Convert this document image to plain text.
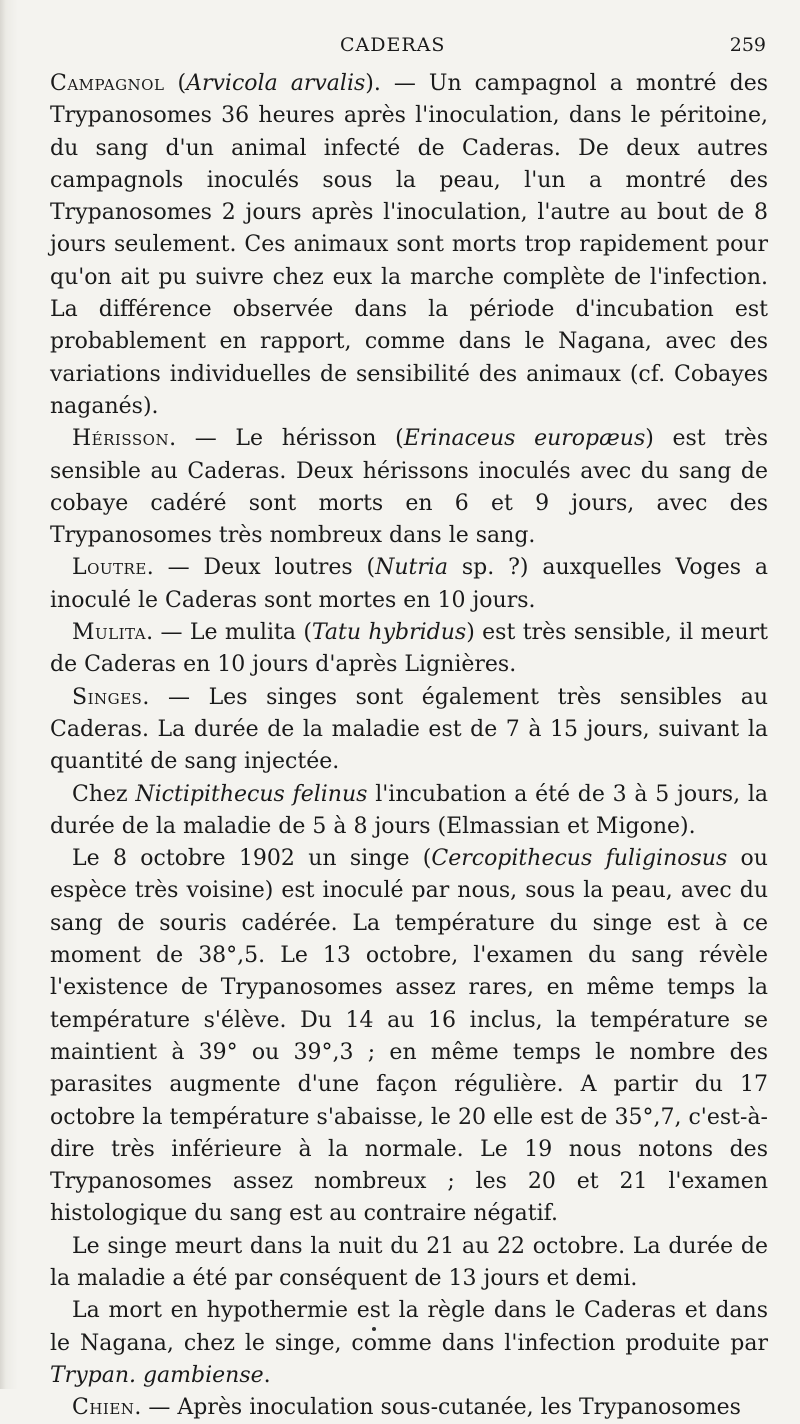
CADERAS	259

Campagnol (Arvicola arvalis). — Un campagnol a montré des Trypanosomes 36 heures après l'inoculation, dans le péritoine, du sang d'un animal infecté de Caderas. De deux autres campagnols inoculés sous la peau, l'un a montré des Trypanosomes 2 jours après l'inoculation, l'autre au bout de 8 jours seulement. Ces animaux sont morts trop rapidement pour qu'on ait pu suivre chez eux la marche complète de l'infection. La différence observée dans la période d'incubation est probablement en rapport, comme dans le Nagana, avec des variations individuelles de sensibilité des animaux (cf. Cobayes naganés).

Hérisson. — Le hérisson (Erinaceus europæus) est très sensible au Caderas. Deux hérissons inoculés avec du sang de cobaye cadéré sont morts en 6 et 9 jours, avec des Trypanosomes très nombreux dans le sang.

Loutre. — Deux loutres (Nutria sp. ?) auxquelles Voges a inoculé le Caderas sont mortes en 10 jours.

Mulita. — Le mulita (Tatu hybridus) est très sensible, il meurt de Caderas en 10 jours d'après Lignières.

Singes. — Les singes sont également très sensibles au Caderas. La durée de la maladie est de 7 à 15 jours, suivant la quantité de sang injectée.

Chez Nictipithecus felinus l'incubation a été de 3 à 5 jours, la durée de la maladie de 5 à 8 jours (Elmassian et Migone).

Le 8 octobre 1902 un singe (Cercopithecus fuliginosus ou espèce très voisine) est inoculé par nous, sous la peau, avec du sang de souris cadérée. La température du singe est à ce moment de 38°,5. Le 13 octobre, l'examen du sang révèle l'existence de Trypanosomes assez rares, en même temps la température s'élève. Du 14 au 16 inclus, la température se maintient à 39° ou 39°,3 ; en même temps le nombre des parasites augmente d'une façon régulière. A partir du 17 octobre la température s'abaisse, le 20 elle est de 35°,7, c'est-à-dire très inférieure à la normale. Le 19 nous notons des Trypanosomes assez nombreux ; les 20 et 21 l'examen histologique du sang est au contraire négatif.

Le singe meurt dans la nuit du 21 au 22 octobre. La durée de la maladie a été par conséquent de 13 jours et demi.

La mort en hypothermie est la règle dans le Caderas et dans le Nagana, chez le singe, comme dans l'infection produite par Trypan. gambiense.

Chien. — Après inoculation sous-cutanée, les Trypanosomes
